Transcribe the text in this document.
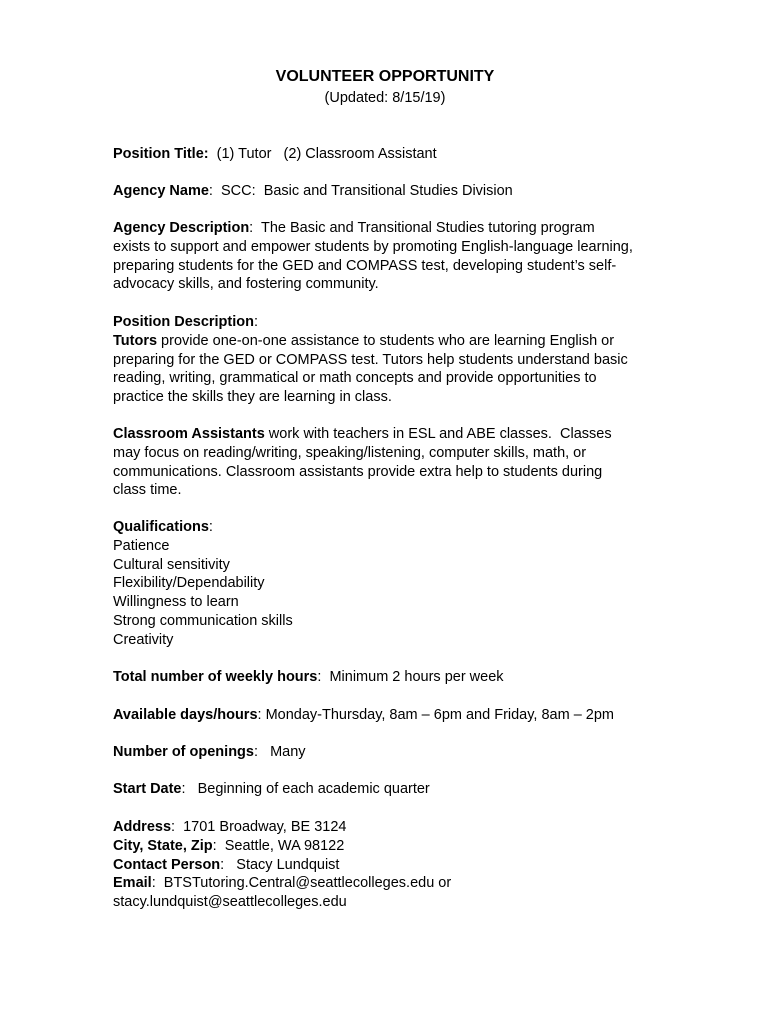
VOLUNTEER OPPORTUNITY
(Updated: 8/15/19)
Position Title:  (1) Tutor   (2) Classroom Assistant
Agency Name:  SCC:  Basic and Transitional Studies Division
Agency Description:  The Basic and Transitional Studies tutoring program
exists to support and empower students by promoting English-language learning,
preparing students for the GED and COMPASS test, developing student’s self-
advocacy skills, and fostering community.
Position Description:
Tutors provide one-on-one assistance to students who are learning English or
preparing for the GED or COMPASS test. Tutors help students understand basic
reading, writing, grammatical or math concepts and provide opportunities to
practice the skills they are learning in class.
Classroom Assistants work with teachers in ESL and ABE classes.  Classes
may focus on reading/writing, speaking/listening, computer skills, math, or
communications. Classroom assistants provide extra help to students during
class time.
Qualifications:
Patience
Cultural sensitivity
Flexibility/Dependability
Willingness to learn
Strong communication skills
Creativity
Total number of weekly hours:  Minimum 2 hours per week
Available days/hours: Monday-Thursday, 8am – 6pm and Friday, 8am – 2pm
Number of openings:   Many
Start Date:   Beginning of each academic quarter
Address:  1701 Broadway, BE 3124
City, State, Zip:  Seattle, WA 98122
Contact Person:   Stacy Lundquist
Email:  BTSTutoring.Central@seattlecolleges.edu or
stacy.lundquist@seattlecolleges.edu
